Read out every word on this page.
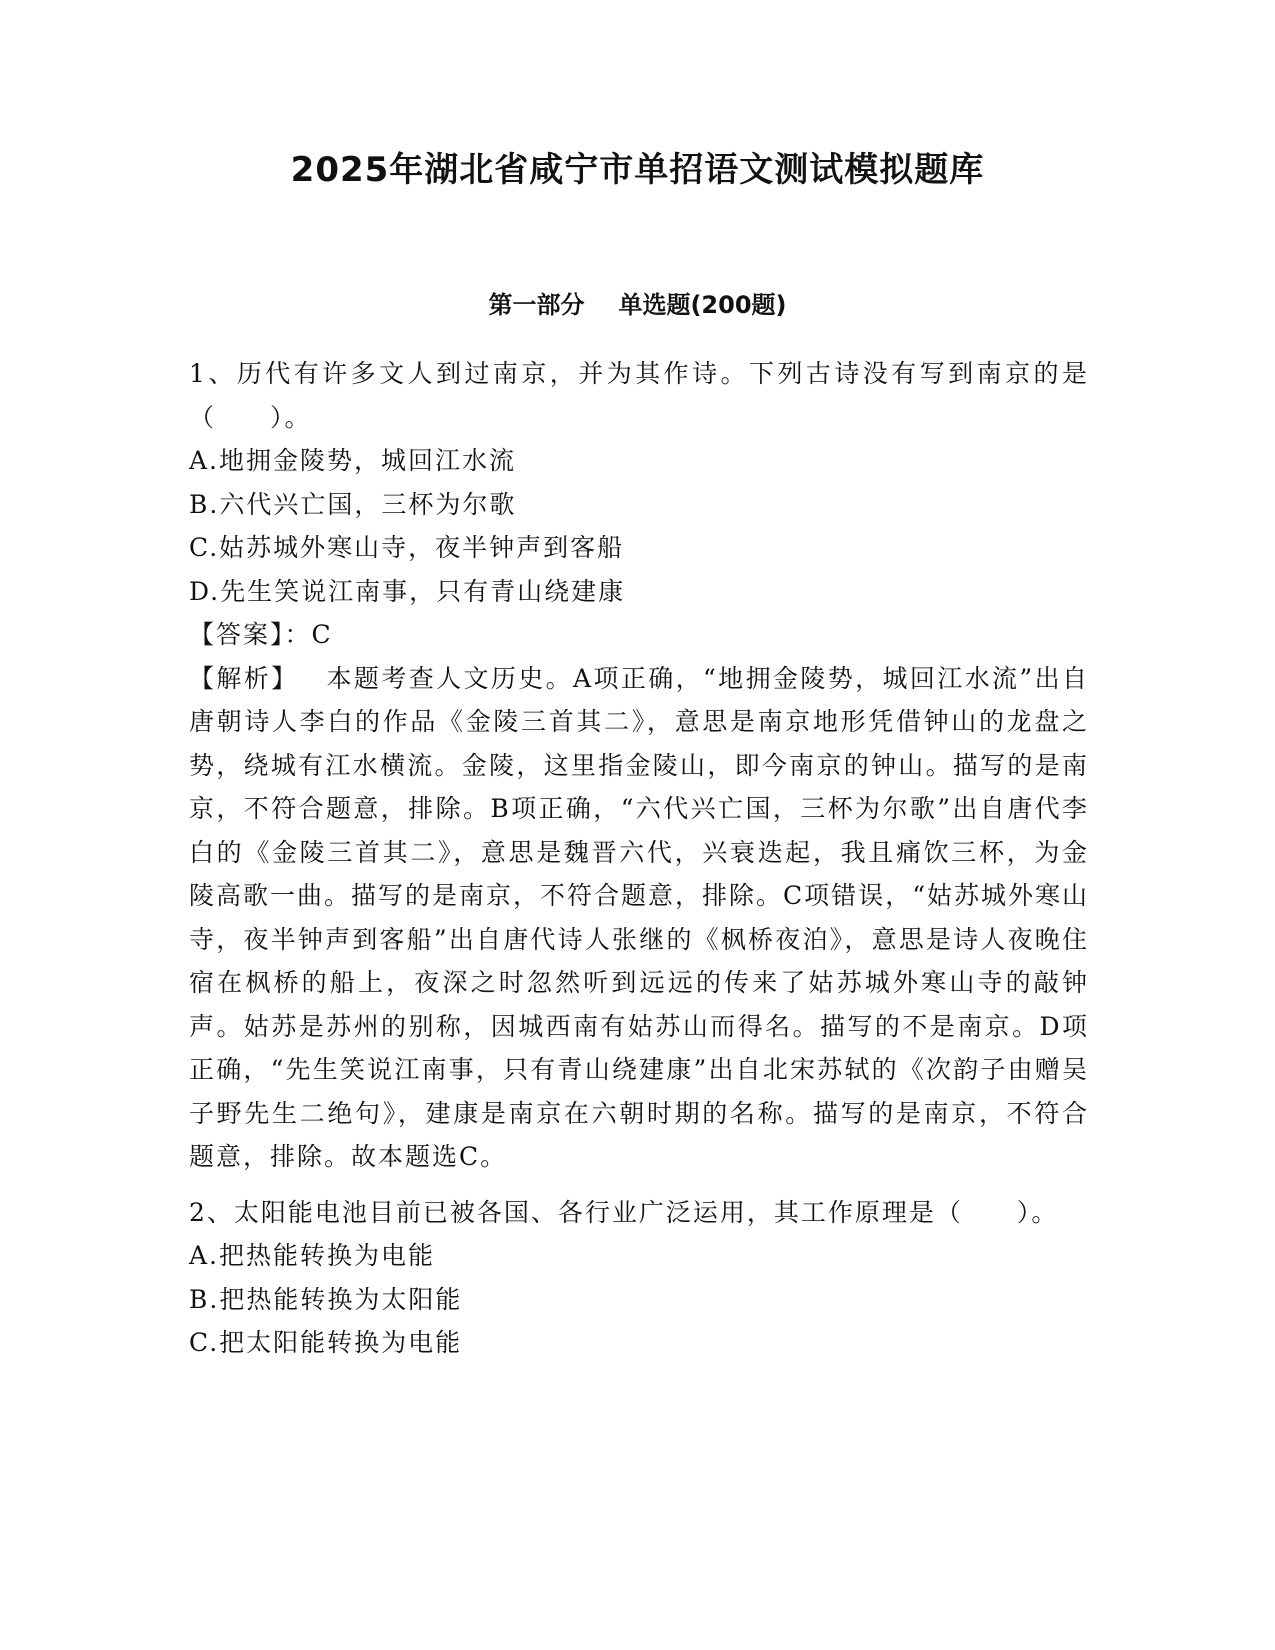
2025年湖北省咸宁市单招语文测试模拟题库
第一部分 单选题(200题)

1、历代有许多文人到过南京，并为其作诗。下列古诗没有写到南京的是（　　）。

A.地拥金陵势，城回江水流

B.六代兴亡国，三杯为尔歌

C.姑苏城外寒山寺，夜半钟声到客船

D.先生笑说江南事，只有青山绕建康

【答案】：C

【解析】 本题考查人文历史。A项正确，“地拥金陵势，城回江水流”出自唐朝诗人李白的作品《金陵三首其二》，意思是南京地形凭借钟山的龙盘之势，绕城有江水横流。金陵，这里指金陵山，即今南京的钟山。描写的是南京，不符合题意，排除。B项正确，“六代兴亡国，三杯为尔歌”出自唐代李白的《金陵三首其二》，意思是魏晋六代，兴衰迭起，我且痛饮三杯，为金陵高歌一曲。描写的是南京，不符合题意，排除。C项错误，“姑苏城外寒山寺，夜半钟声到客船”出自唐代诗人张继的《枫桥夜泊》，意思是诗人夜晚住宿在枫桥的船上，夜深之时忽然听到远远的传来了姑苏城外寒山寺的敲钟声。姑苏是苏州的别称，因城西南有姑苏山而得名。描写的不是南京。D项正确，“先生笑说江南事，只有青山绕建康”出自北宋苏轼的《次韵子由赠吴子野先生二绝句》，建康是南京在六朝时期的名称。描写的是南京，不符合题意，排除。故本题选C。

2、太阳能电池目前已被各国、各行业广泛运用，其工作原理是（　　）。

A.把热能转换为电能

B.把热能转换为太阳能

C.把太阳能转换为电能
